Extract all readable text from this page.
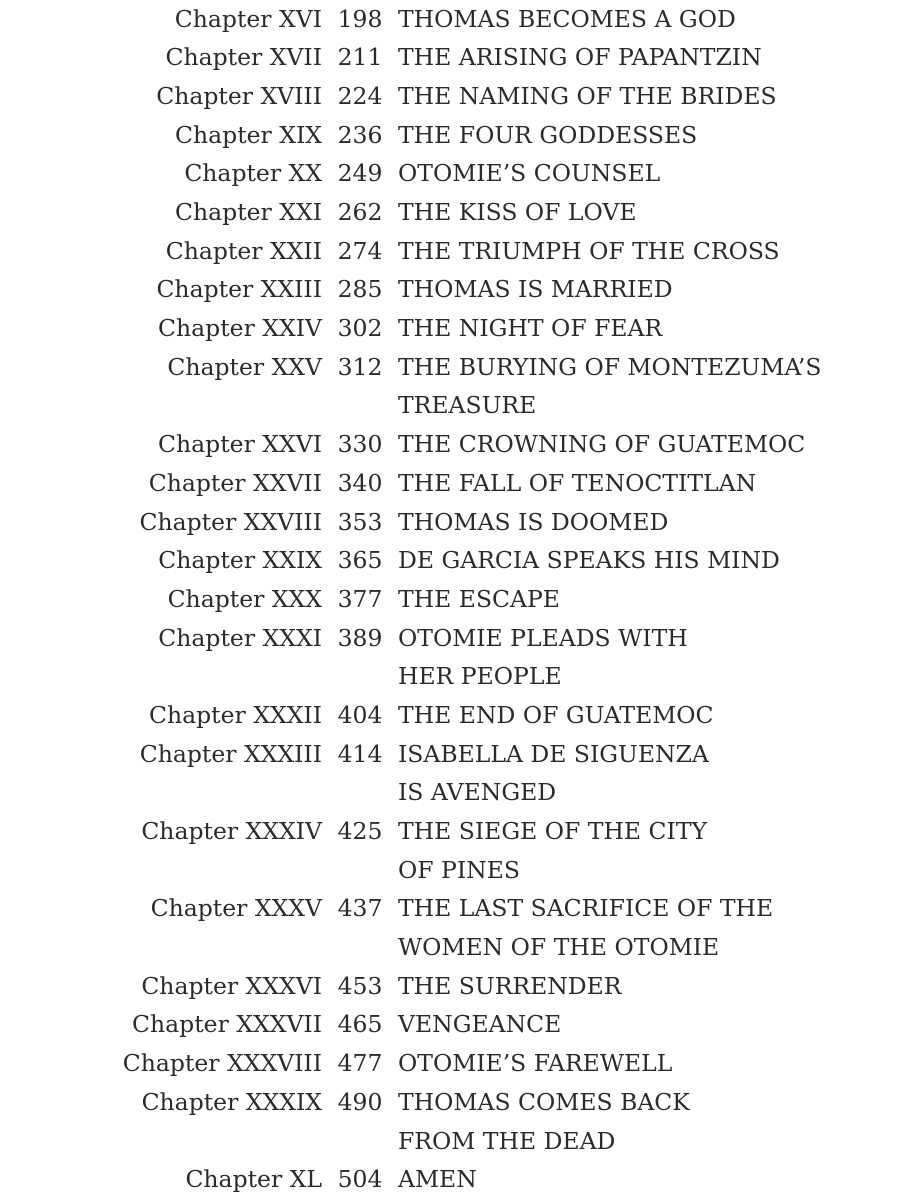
Chapter XVI 198 THOMAS BECOMES A GOD
Chapter XVII 211 THE ARISING OF PAPANTZIN
Chapter XVIII 224 THE NAMING OF THE BRIDES
Chapter XIX 236 THE FOUR GODDESSES
Chapter XX 249 OTOMIE’S COUNSEL
Chapter XXI 262 THE KISS OF LOVE
Chapter XXII 274 THE TRIUMPH OF THE CROSS
Chapter XXIII 285 THOMAS IS MARRIED
Chapter XXIV 302 THE NIGHT OF FEAR
Chapter XXV 312 THE BURYING OF MONTEZUMA’S
TREASURE
Chapter XXVI 330 THE CROWNING OF GUATEMOC
Chapter XXVII 340 THE FALL OF TENOCTITLAN
Chapter XXVIII 353 THOMAS IS DOOMED
Chapter XXIX 365 DE GARCIA SPEAKS HIS MIND
Chapter XXX 377 THE ESCAPE
Chapter XXXI 389 OTOMIE PLEADS WITH
HER PEOPLE
Chapter XXXII 404 THE END OF GUATEMOC
Chapter XXXIII 414 ISABELLA DE SIGUENZA
IS AVENGED
Chapter XXXIV 425 THE SIEGE OF THE CITY
OF PINES
Chapter XXXV 437 THE LAST SACRIFICE OF THE
WOMEN OF THE OTOMIE
Chapter XXXVI 453 THE SURRENDER
Chapter XXXVII 465 VENGEANCE
Chapter XXXVIII 477 OTOMIE’S FAREWELL
Chapter XXXIX 490 THOMAS COMES BACK
FROM THE DEAD
Chapter XL 504 AMEN
